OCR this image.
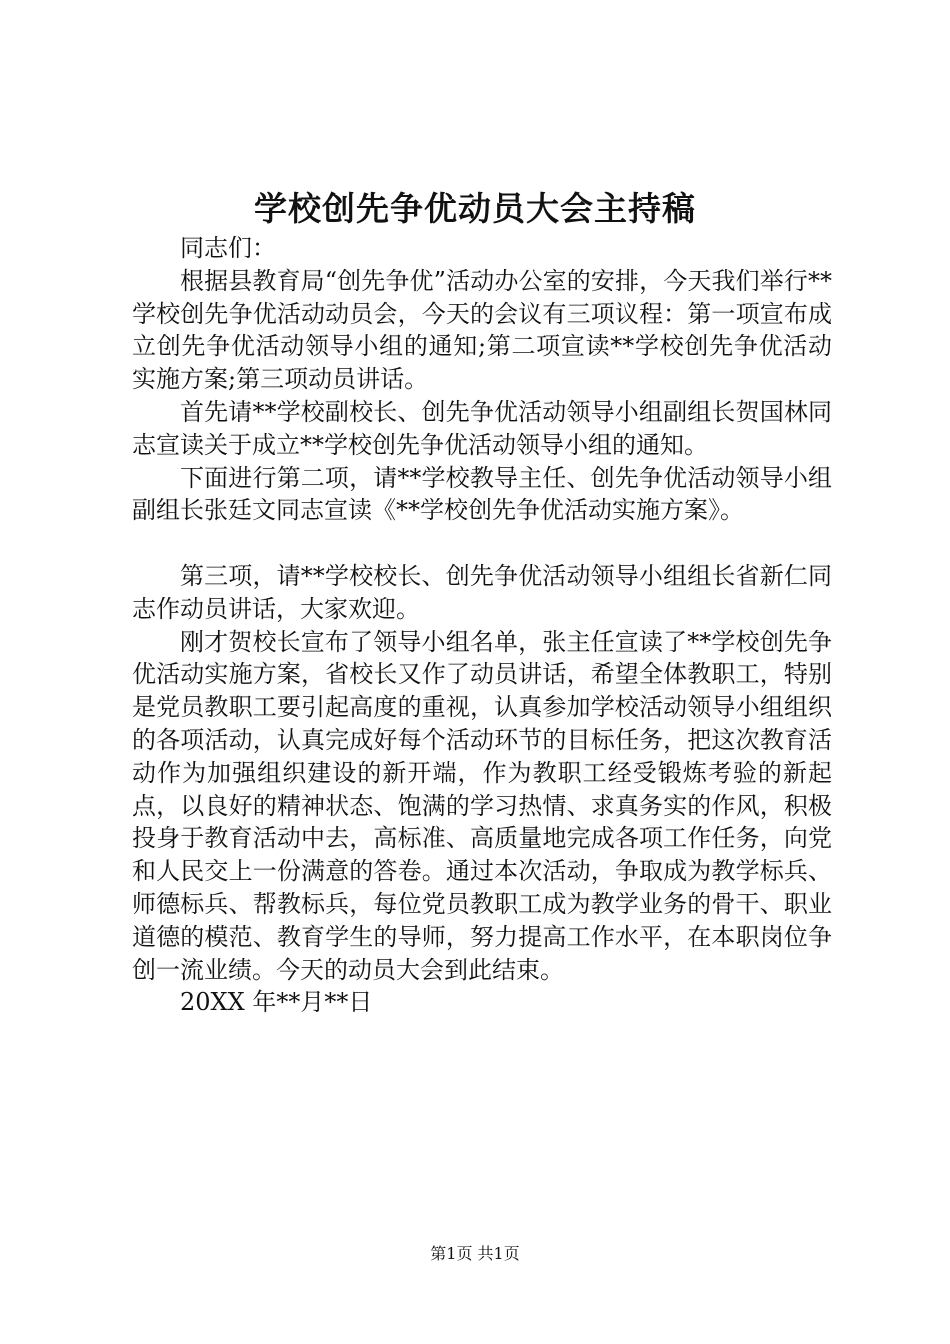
学校创先争优动员大会主持稿

同志们：

根据县教育局“创先争优”活动办公室的安排，今天我们举行**学校创先争优活动动员会，今天的会议有三项议程：第一项宣布成立创先争优活动领导小组的通知;第二项宣读**学校创先争优活动实施方案;第三项动员讲话。

首先请**学校副校长、创先争优活动领导小组副组长贺国林同志宣读关于成立**学校创先争优活动领导小组的通知。

下面进行第二项，请**学校教导主任、创先争优活动领导小组副组长张廷文同志宣读《**学校创先争优活动实施方案》。

第三项，请**学校校长、创先争优活动领导小组组长省新仁同志作动员讲话，大家欢迎。

刚才贺校长宣布了领导小组名单，张主任宣读了**学校创先争优活动实施方案，省校长又作了动员讲话，希望全体教职工，特别是党员教职工要引起高度的重视，认真参加学校活动领导小组组织的各项活动，认真完成好每个活动环节的目标任务，把这次教育活动作为加强组织建设的新开端，作为教职工经受锻炼考验的新起点，以良好的精神状态、饱满的学习热情、求真务实的作风，积极投身于教育活动中去，高标准、高质量地完成各项工作任务，向党和人民交上一份满意的答卷。通过本次活动，争取成为教学标兵、师德标兵、帮教标兵，每位党员教职工成为教学业务的骨干、职业道德的模范、教育学生的导师，努力提高工作水平，在本职岗位争创一流业绩。今天的动员大会到此结束。

20XX 年**月**日

第1页 共1页
